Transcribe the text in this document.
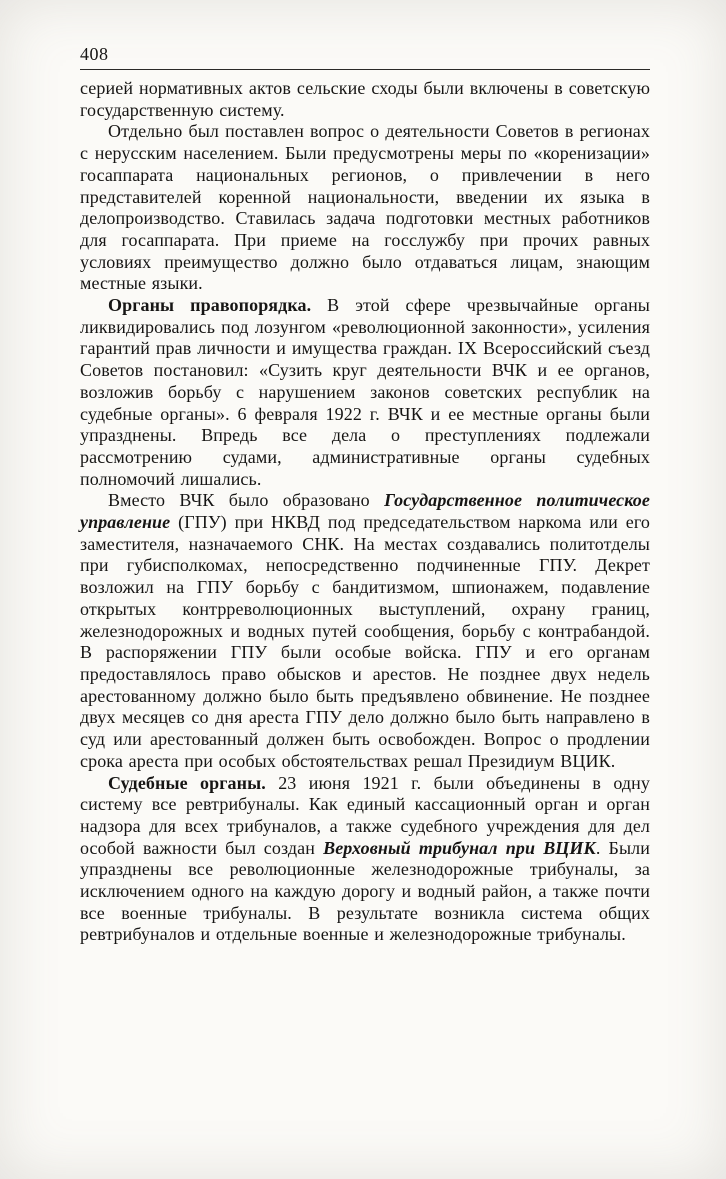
408

серией нормативных актов сельские сходы были включены в советскую государственную систему.

Отдельно был поставлен вопрос о деятельности Советов в регионах с нерусским населением. Были предусмотрены меры по «коренизации» госаппарата национальных регионов, о привлечении в него представителей коренной национальности, введении их языка в делопроизводство. Ставилась задача подготовки местных работников для госаппарата. При приеме на госслужбу при прочих равных условиях преимущество должно было отдаваться лицам, знающим местные языки.

Органы правопорядка. В этой сфере чрезвычайные органы ликвидировались под лозунгом «революционной законности», усиления гарантий прав личности и имущества граждан. IX Всероссийский съезд Советов постановил: «Сузить круг деятельности ВЧК и ее органов, возложив борьбу с нарушением законов советских республик на судебные органы». 6 февраля 1922 г. ВЧК и ее местные органы были упразднены. Впредь все дела о преступлениях подлежали рассмотрению судами, административные органы судебных полномочий лишались.

Вместо ВЧК было образовано Государственное политическое управление (ГПУ) при НКВД под председательством наркома или его заместителя, назначаемого СНК. На местах создавались политотделы при губисполкомах, непосредственно подчиненные ГПУ. Декрет возложил на ГПУ борьбу с бандитизмом, шпионажем, подавление открытых контрреволюционных выступлений, охрану границ, железнодорожных и водных путей сообщения, борьбу с контрабандой. В распоряжении ГПУ были особые войска. ГПУ и его органам предоставлялось право обысков и арестов. Не позднее двух недель арестованному должно было быть предъявлено обвинение. Не позднее двух месяцев со дня ареста ГПУ дело должно было быть направлено в суд или арестованный должен быть освобожден. Вопрос о продлении срока ареста при особых обстоятельствах решал Президиум ВЦИК.

Судебные органы. 23 июня 1921 г. были объединены в одну систему все ревтрибуналы. Как единый кассационный орган и орган надзора для всех трибуналов, а также судебного учреждения для дел особой важности был создан Верховный трибунал при ВЦИК. Были упразднены все революционные железнодорожные трибуналы, за исключением одного на каждую дорогу и водный район, а также почти все военные трибуналы. В результате возникла система общих ревтрибуналов и отдельные военные и железнодорожные трибуналы.
